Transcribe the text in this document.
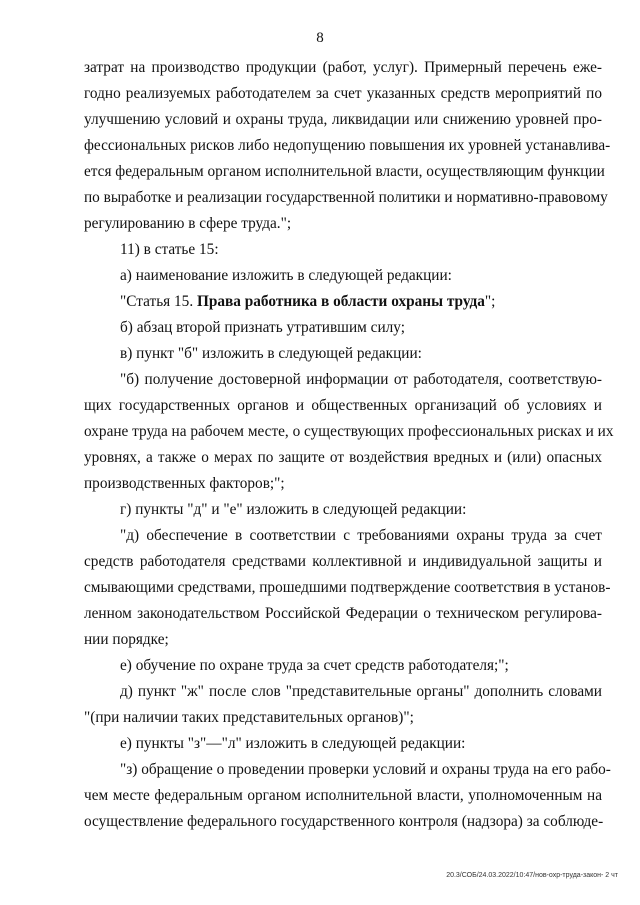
8
затрат на производство продукции (работ, услуг). Примерный перечень еже-
годно реализуемых работодателем за счет указанных средств мероприятий по
улучшению условий и охраны труда, ликвидации или снижению уровней про-
фессиональных рисков либо недопущению повышения их уровней устанавлива-
ется федеральным органом исполнительной власти, осуществляющим функции
по выработке и реализации государственной политики и нормативно-правовому
регулированию в сфере труда.";
11) в статье 15:
а) наименование изложить в следующей редакции:
"Статья 15. Права работника в области охраны труда";
б) абзац второй признать утратившим силу;
в) пункт "б" изложить в следующей редакции:
"б) получение достоверной информации от работодателя, соответствую-
щих государственных органов и общественных организаций об условиях и
охране труда на рабочем месте, о существующих профессиональных рисках и их
уровнях, а также о мерах по защите от воздействия вредных и (или) опасных
производственных факторов;";
г) пункты "д" и "е" изложить в следующей редакции:
"д) обеспечение в соответствии с требованиями охраны труда за счет
средств работодателя средствами коллективной и индивидуальной защиты и
смывающими средствами, прошедшими подтверждение соответствия в установ-
ленном законодательством Российской Федерации о техническом регулирова-
нии порядке;
е) обучение по охране труда за счет средств работодателя;";
д) пункт "ж" после слов "представительные органы" дополнить словами
"(при наличии таких представительных органов)";
е) пункты "з"—"л" изложить в следующей редакции:
"з) обращение о проведении проверки условий и охраны труда на его рабо-
чем месте федеральным органом исполнительной власти, уполномоченным на
осуществление федерального государственного контроля (надзора) за соблюде-
20.3/СОБ/24.03.2022/10:47/нов-охр-труда-закон- 2 чт
